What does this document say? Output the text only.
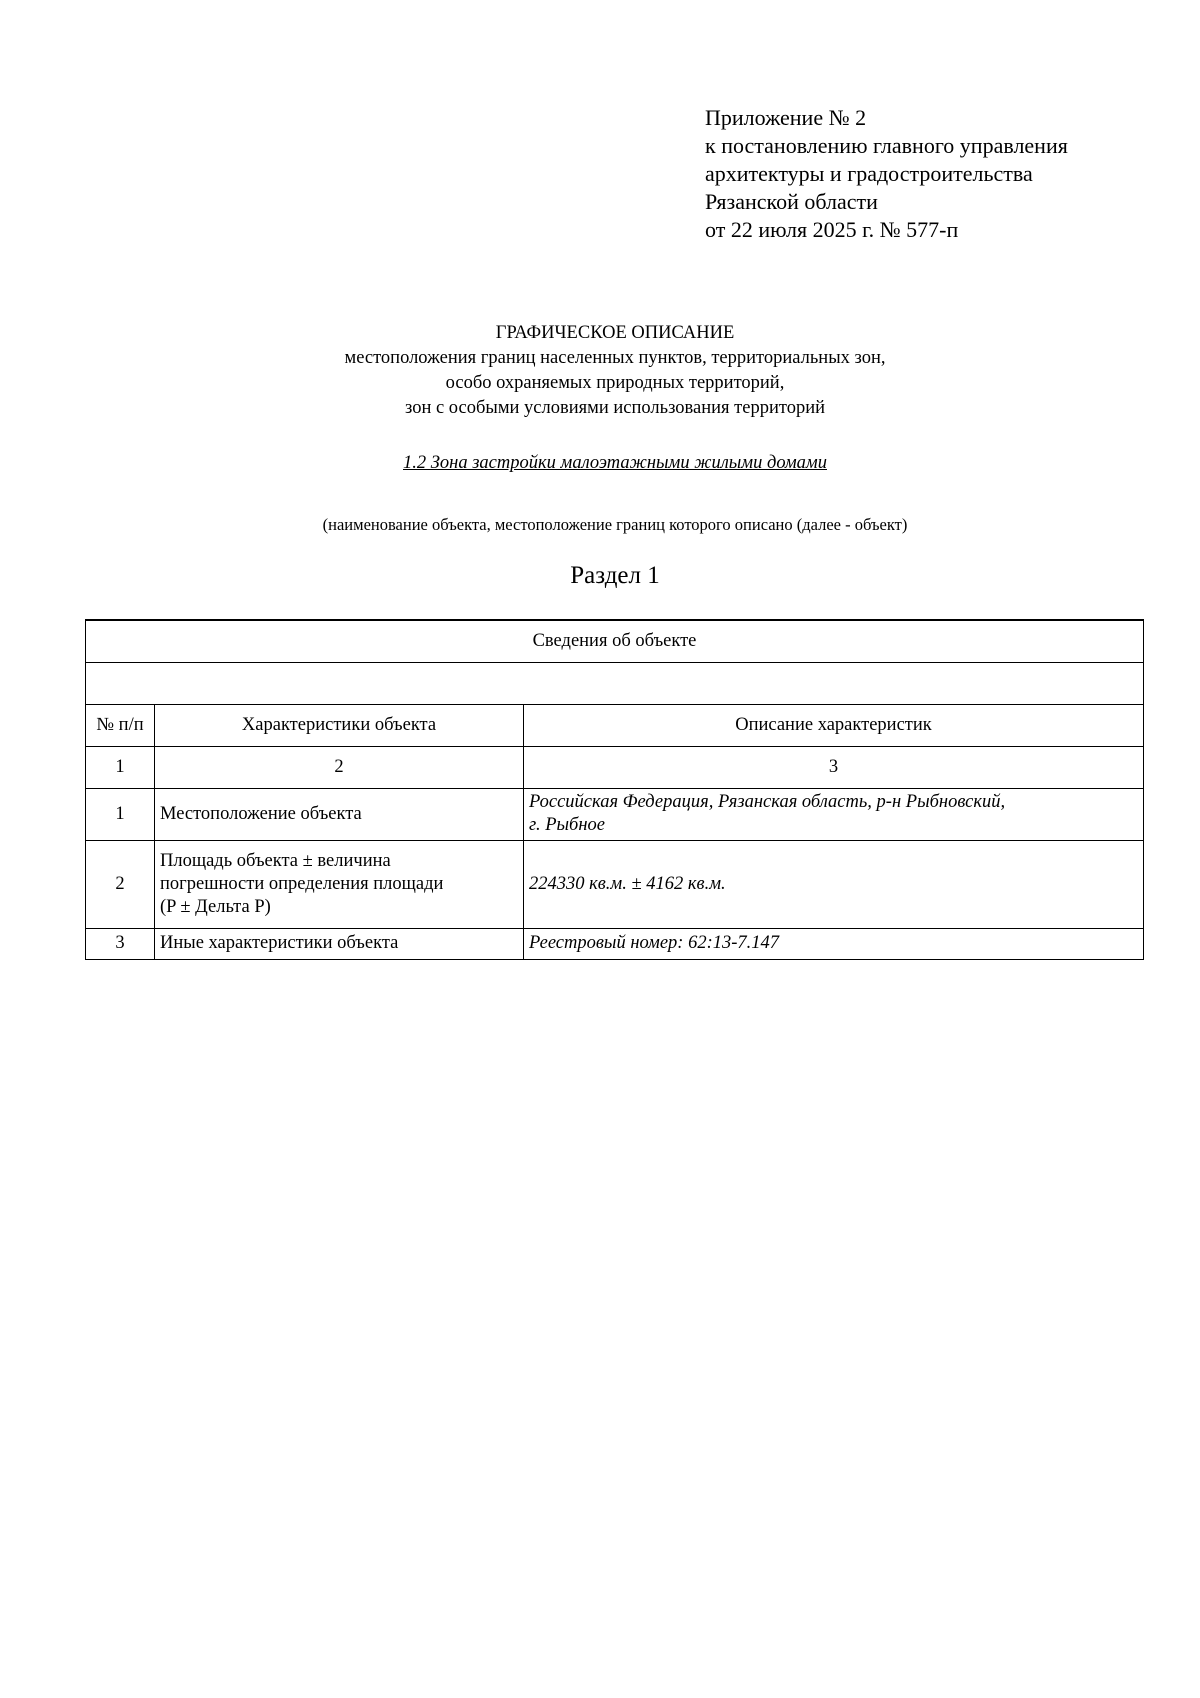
Приложение № 2
к постановлению главного управления
архитектуры и градостроительства
Рязанской области
от 22 июля 2025 г. № 577-п
ГРАФИЧЕСКОЕ ОПИСАНИЕ
местоположения границ населенных пунктов, территориальных зон,
особо охраняемых природных территорий,
зон с особыми условиями использования территорий
1.2 Зона застройки малоэтажными жилыми домами
(наименование объекта, местоположение границ которого описано (далее - объект)
Раздел 1
Сведения об объекте		

№ п/п	Характеристики объекта	Описание характеристик
1	2	3
1	Местоположение объекта	Российская Федерация, Рязанская область, р-н Рыбновский,
г. Рыбное

2	Площадь объекта ± величина
погрешности определения площади
(P ± Дельта P)	224330 кв.м. ± 4162 кв.м.
3	Иные характеристики объекта	Реестровый номер: 62:13-7.147
